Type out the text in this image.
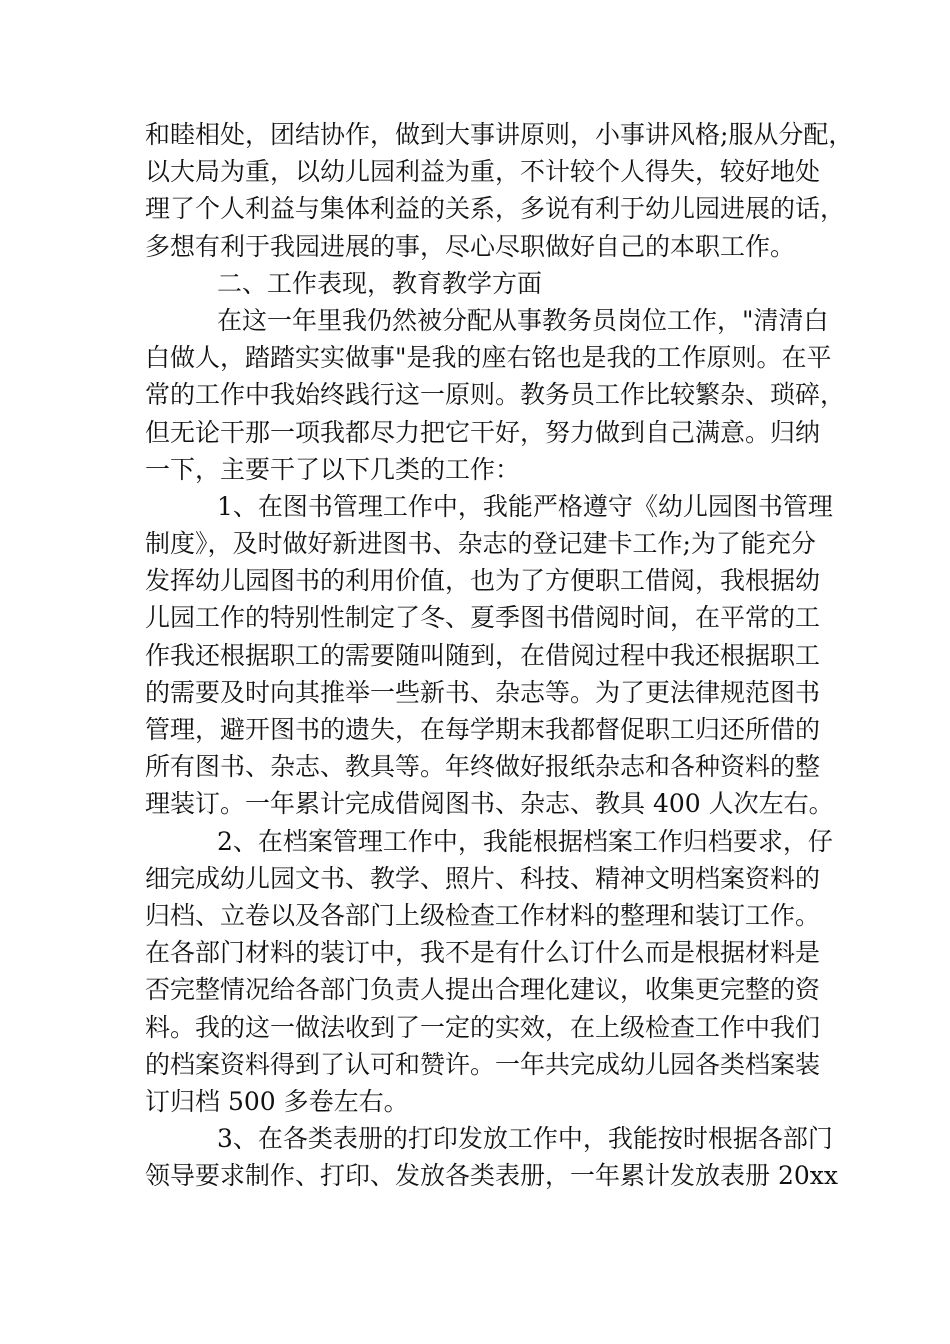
和睦相处，团结协作，做到大事讲原则，小事讲风格;服从分配，
以大局为重，以幼儿园利益为重，不计较个人得失，较好地处
理了个人利益与集体利益的关系，多说有利于幼儿园进展的话，
多想有利于我园进展的事，尽心尽职做好自己的本职工作。
二、工作表现，教育教学方面
在这一年里我仍然被分配从事教务员岗位工作，"清清白
白做人，踏踏实实做事"是我的座右铭也是我的工作原则。在平
常的工作中我始终践行这一原则。教务员工作比较繁杂、琐碎，
但无论干那一项我都尽力把它干好，努力做到自己满意。归纳
一下，主要干了以下几类的工作：
1、在图书管理工作中，我能严格遵守《幼儿园图书管理
制度》，及时做好新进图书、杂志的登记建卡工作;为了能充分
发挥幼儿园图书的利用价值，也为了方便职工借阅，我根据幼
儿园工作的特别性制定了冬、夏季图书借阅时间，在平常的工
作我还根据职工的需要随叫随到，在借阅过程中我还根据职工
的需要及时向其推举一些新书、杂志等。为了更法律规范图书
管理，避开图书的遗失，在每学期末我都督促职工归还所借的
所有图书、杂志、教具等。年终做好报纸杂志和各种资料的整
理装订。一年累计完成借阅图书、杂志、教具 400 人次左右。
2、在档案管理工作中，我能根据档案工作归档要求，仔
细完成幼儿园文书、教学、照片、科技、精神文明档案资料的
归档、立卷以及各部门上级检查工作材料的整理和装订工作。
在各部门材料的装订中，我不是有什么订什么而是根据材料是
否完整情况给各部门负责人提出合理化建议，收集更完整的资
料。我的这一做法收到了一定的实效，在上级检查工作中我们
的档案资料得到了认可和赞许。一年共完成幼儿园各类档案装
订归档 500 多卷左右。
3、在各类表册的打印发放工作中，我能按时根据各部门
领导要求制作、打印、发放各类表册，一年累计发放表册 20xx
